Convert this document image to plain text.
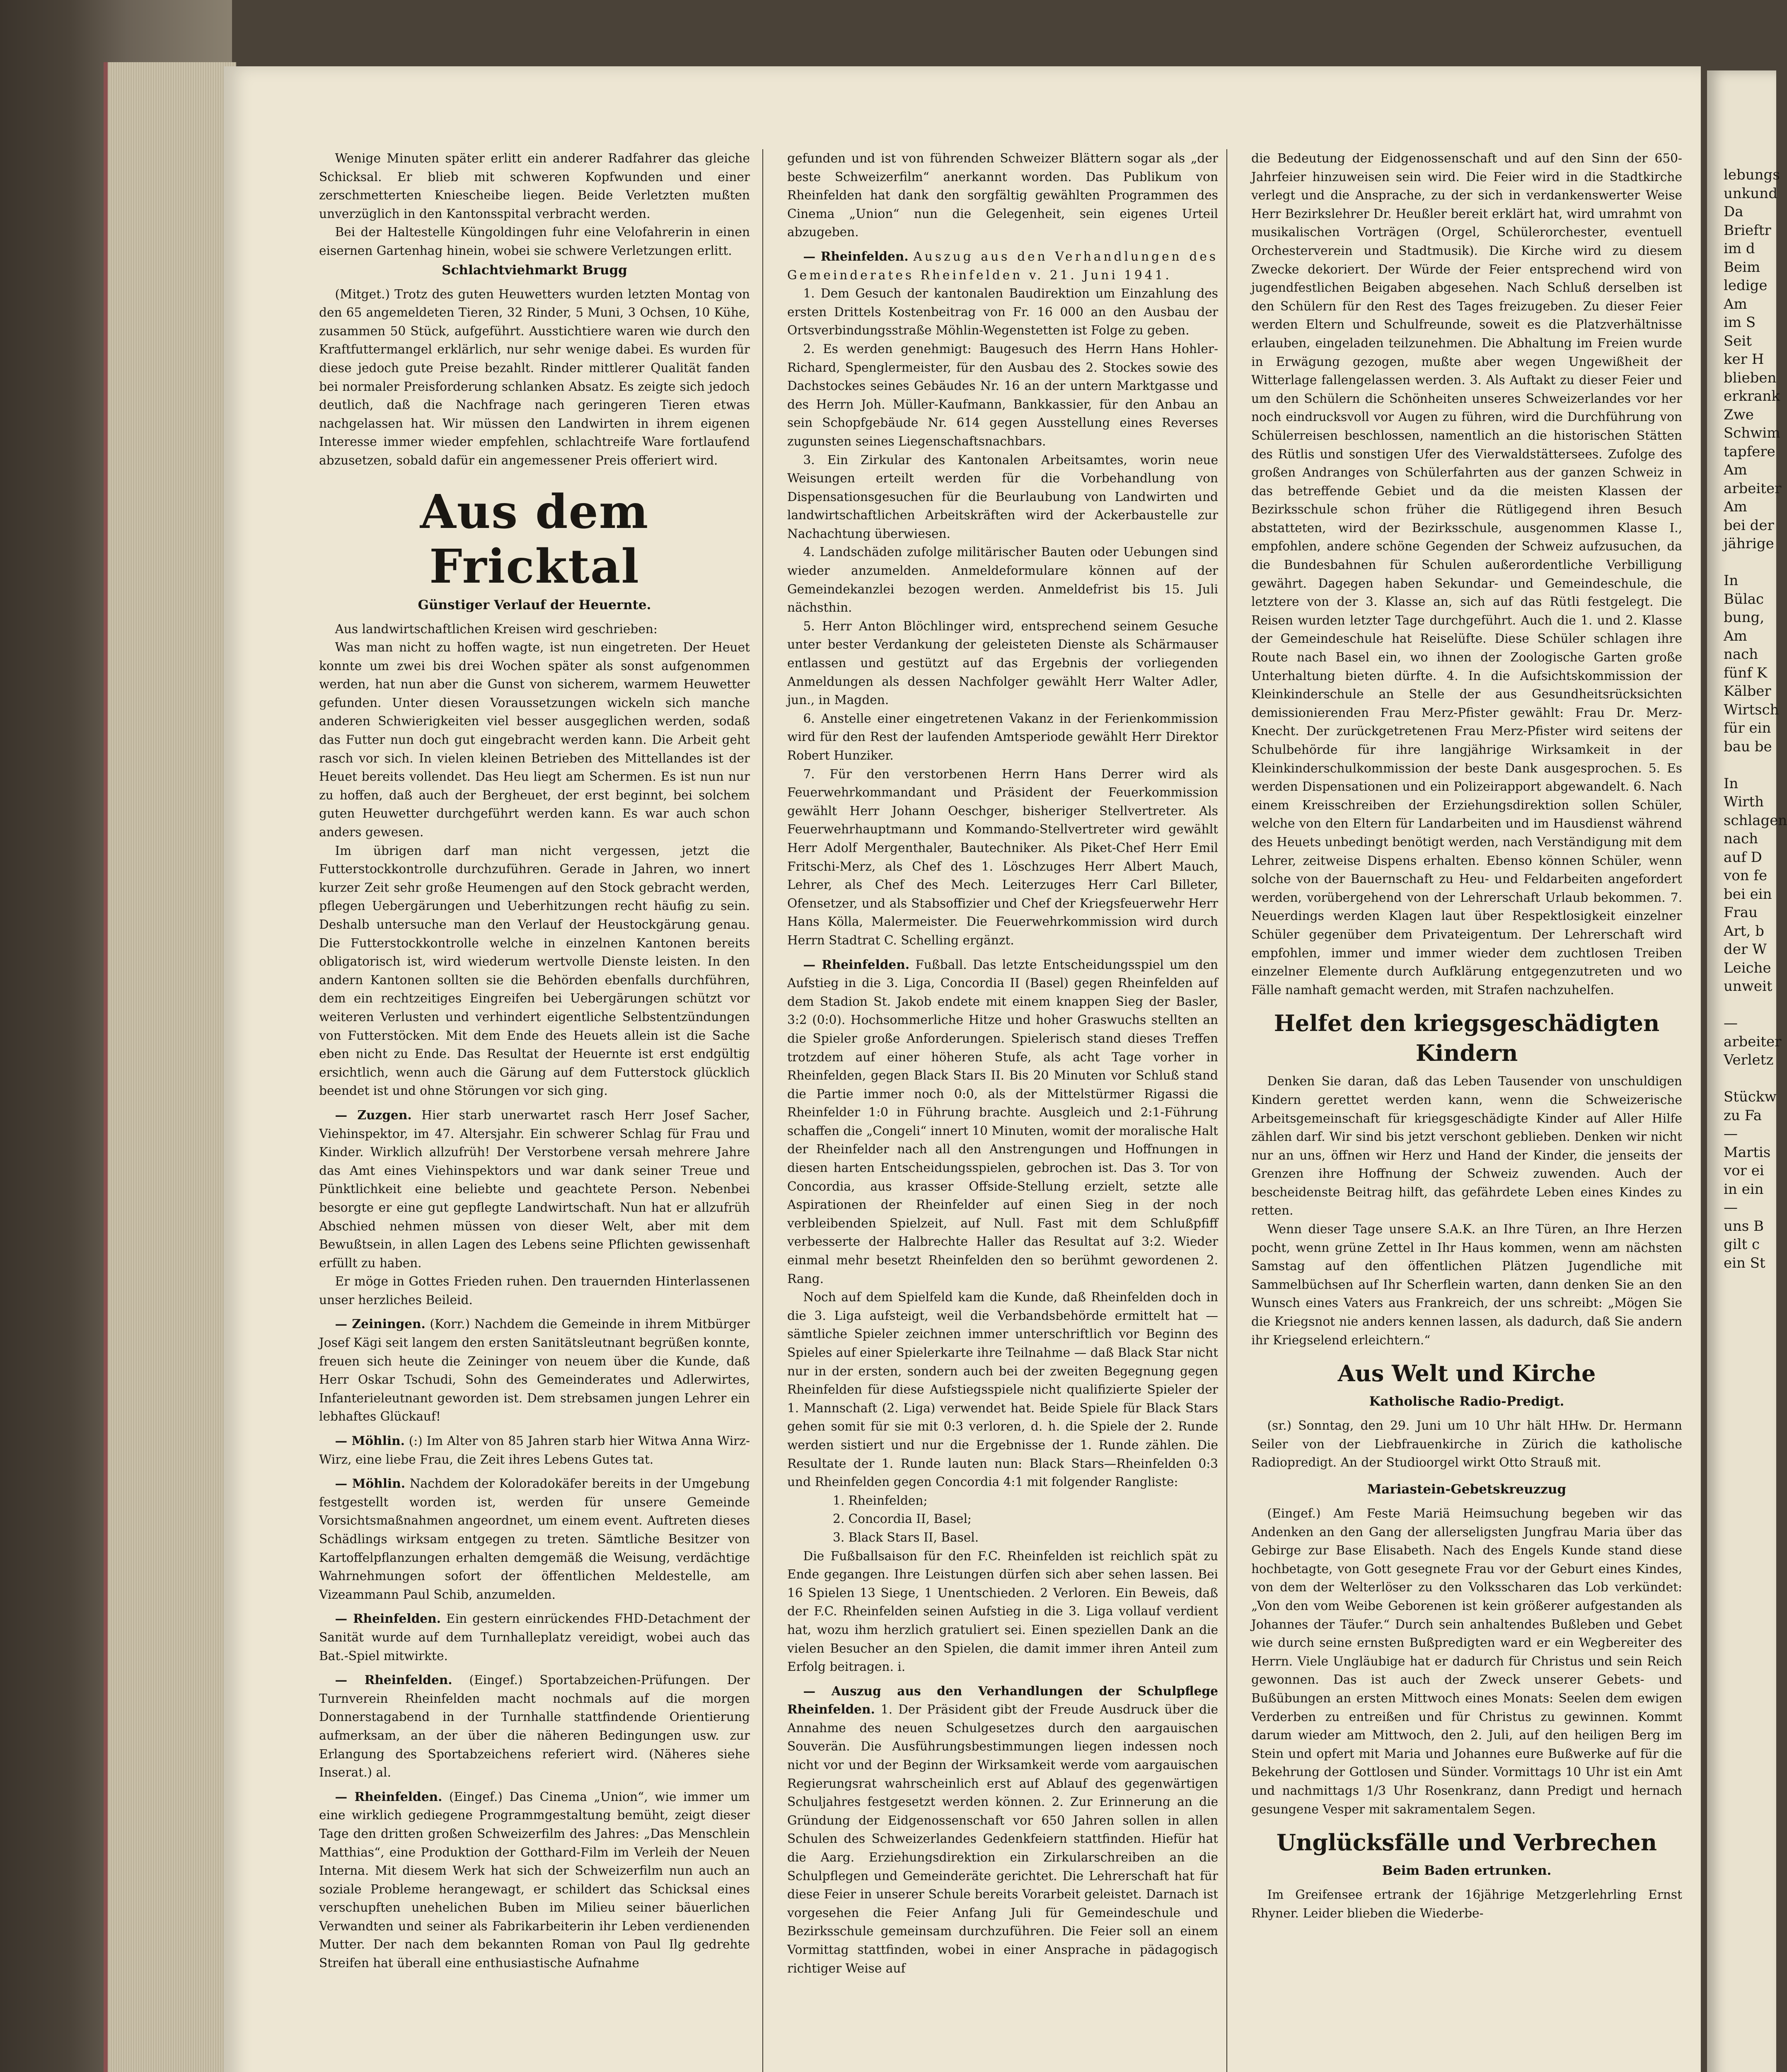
Wenige Minuten später erlitt ein anderer Radfahrer das gleiche Schicksal. Er blieb mit schweren Kopfwunden und einer zerschmetterten Kniescheibe liegen. Beide Verletzten mußten unverzüglich in den Kantonsspital verbracht werden.

Bei der Haltestelle Küngoldingen fuhr eine Velofahrerin in einen eisernen Gartenhag hinein, wobei sie schwere Verletzungen erlitt.

Schlachtviehmarkt Brugg

(Mitget.) Trotz des guten Heuwetters wurden letzten Montag von den 65 angemeldeten Tieren, 32 Rinder, 5 Muni, 3 Ochsen, 10 Kühe, zusammen 50 Stück, aufgeführt. Ausstichtiere waren wie durch den Kraftfuttermangel erklärlich, nur sehr wenige dabei. Es wurden für diese jedoch gute Preise bezahlt. Rinder mittlerer Qualität fanden bei normaler Preisforderung schlanken Absatz. Es zeigte sich jedoch deutlich, daß die Nachfrage nach geringeren Tieren etwas nachgelassen hat. Wir müssen den Landwirten in ihrem eigenen Interesse immer wieder empfehlen, schlachtreife Ware fortlaufend abzusetzen, sobald dafür ein angemessener Preis offeriert wird.

Aus dem Fricktal
Günstiger Verlauf der Heuernte.

Aus landwirtschaftlichen Kreisen wird geschrieben:

Was man nicht zu hoffen wagte, ist nun eingetreten. Der Heuet konnte um zwei bis drei Wochen später als sonst aufgenommen werden, hat nun aber die Gunst von sicherem, warmem Heuwetter gefunden. Unter diesen Voraussetzungen wickeln sich manche anderen Schwierigkeiten viel besser ausgeglichen werden, sodaß das Futter nun doch gut eingebracht werden kann. Die Arbeit geht rasch vor sich. In vielen kleinen Betrieben des Mittellandes ist der Heuet bereits vollendet. Das Heu liegt am Schermen. Es ist nun nur zu hoffen, daß auch der Bergheuet, der erst beginnt, bei solchem guten Heuwetter durchgeführt werden kann. Es war auch schon anders gewesen.

Im übrigen darf man nicht vergessen, jetzt die Futterstockkontrolle durchzuführen. Gerade in Jahren, wo innert kurzer Zeit sehr große Heumengen auf den Stock gebracht werden, pflegen Uebergärungen und Ueberhitzungen recht häufig zu sein. Deshalb untersuche man den Verlauf der Heustockgärung genau. Die Futterstockkontrolle welche in einzelnen Kantonen bereits obligatorisch ist, wird wiederum wertvolle Dienste leisten. In den andern Kantonen sollten sie die Behörden ebenfalls durchführen, dem ein rechtzeitiges Eingreifen bei Uebergärungen schützt vor weiteren Verlusten und verhindert eigentliche Selbstentzündungen von Futterstöcken. Mit dem Ende des Heuets allein ist die Sache eben nicht zu Ende. Das Resultat der Heuernte ist erst endgültig ersichtlich, wenn auch die Gärung auf dem Futterstock glücklich beendet ist und ohne Störungen vor sich ging.

— Zuzgen. Hier starb unerwartet rasch Herr Josef Sacher, Viehinspektor, im 47. Altersjahr. Ein schwerer Schlag für Frau und Kinder. Wirklich allzufrüh! Der Verstorbene versah mehrere Jahre das Amt eines Viehinspektors und war dank seiner Treue und Pünktlichkeit eine beliebte und geachtete Person. Nebenbei besorgte er eine gut gepflegte Landwirtschaft. Nun hat er allzufrüh Abschied nehmen müssen von dieser Welt, aber mit dem Bewußtsein, in allen Lagen des Lebens seine Pflichten gewissenhaft erfüllt zu haben.

Er möge in Gottes Frieden ruhen. Den trauernden Hinterlassenen unser herzliches Beileid.

— Zeiningen. (Korr.) Nachdem die Gemeinde in ihrem Mitbürger Josef Kägi seit langem den ersten Sanitätsleutnant begrüßen konnte, freuen sich heute die Zeininger von neuem über die Kunde, daß Herr Oskar Tschudi, Sohn des Gemeinderates und Adlerwirtes, Infanterieleutnant geworden ist. Dem strebsamen jungen Lehrer ein lebhaftes Glückauf!

— Möhlin. (:) Im Alter von 85 Jahren starb hier Witwa Anna Wirz-Wirz, eine liebe Frau, die Zeit ihres Lebens Gutes tat.

— Möhlin. Nachdem der Koloradokäfer bereits in der Umgebung festgestellt worden ist, werden für unsere Gemeinde Vorsichtsmaßnahmen angeordnet, um einem event. Auftreten dieses Schädlings wirksam entgegen zu treten. Sämtliche Besitzer von Kartoffelpflanzungen erhalten demgemäß die Weisung, verdächtige Wahrnehmungen sofort der öffentlichen Meldestelle, am Vizeammann Paul Schib, anzumelden.

— Rheinfelden. Ein gestern einrückendes FHD-Detachment der Sanität wurde auf dem Turnhalleplatz vereidigt, wobei auch das Bat.-Spiel mitwirkte.

— Rheinfelden. (Eingef.) Sportabzeichen-Prüfungen. Der Turnverein Rheinfelden macht nochmals auf die morgen Donnerstagabend in der Turnhalle stattfindende Orientierung aufmerksam, an der über die näheren Bedingungen usw. zur Erlangung des Sportabzeichens referiert wird. (Näheres siehe Inserat.) al.

— Rheinfelden. (Eingef.) Das Cinema „Union“, wie immer um eine wirklich gediegene Programmgestaltung bemüht, zeigt dieser Tage den dritten großen Schweizerfilm des Jahres: „Das Menschlein Matthias“, eine Produktion der Gotthard-Film im Verleih der Neuen Interna. Mit diesem Werk hat sich der Schweizerfilm nun auch an soziale Probleme herangewagt, er schildert das Schicksal eines verschupften unehelichen Buben im Milieu seiner bäuerlichen Verwandten und seiner als Fabrikarbeiterin ihr Leben verdienenden Mutter. Der nach dem bekannten Roman von Paul Ilg gedrehte Streifen hat überall eine enthusiastische Aufnahme

gefunden und ist von führenden Schweizer Blättern sogar als „der beste Schweizerfilm“ anerkannt worden. Das Publikum von Rheinfelden hat dank den sorgfältig gewählten Programmen des Cinema „Union“ nun die Gelegenheit, sein eigenes Urteil abzugeben.

— Rheinfelden. Auszug aus den Verhandlungen des Gemeinderates Rheinfelden v. 21. Juni 1941.

1. Dem Gesuch der kantonalen Baudirektion um Einzahlung des ersten Drittels Kostenbeitrag von Fr. 16 000 an den Ausbau der Ortsverbindungsstraße Möhlin-Wegenstetten ist Folge zu geben.

2. Es werden genehmigt: Baugesuch des Herrn Hans Hohler-Richard, Spenglermeister, für den Ausbau des 2. Stockes sowie des Dachstockes seines Gebäudes Nr. 16 an der untern Marktgasse und des Herrn Joh. Müller-Kaufmann, Bankkassier, für den Anbau an sein Schopfgebäude Nr. 614 gegen Ausstellung eines Reverses zugunsten seines Liegenschaftsnachbars.

3. Ein Zirkular des Kantonalen Arbeitsamtes, worin neue Weisungen erteilt werden für die Vorbehandlung von Dispensationsgesuchen für die Beurlaubung von Landwirten und landwirtschaftlichen Arbeitskräften wird der Ackerbaustelle zur Nachachtung überwiesen.

4. Landschäden zufolge militärischer Bauten oder Uebungen sind wieder anzumelden. Anmeldeformulare können auf der Gemeindekanzlei bezogen werden. Anmeldefrist bis 15. Juli nächsthin.

5. Herr Anton Blöchlinger wird, entsprechend seinem Gesuche unter bester Verdankung der geleisteten Dienste als Schärmauser entlassen und gestützt auf das Ergebnis der vorliegenden Anmeldungen als dessen Nachfolger gewählt Herr Walter Adler, jun., in Magden.

6. Anstelle einer eingetretenen Vakanz in der Ferienkommission wird für den Rest der laufenden Amtsperiode gewählt Herr Direktor Robert Hunziker.

7. Für den verstorbenen Herrn Hans Derrer wird als Feuerwehrkommandant und Präsident der Feuerkommission gewählt Herr Johann Oeschger, bisheriger Stellvertreter. Als Feuerwehrhauptmann und Kommando-Stellvertreter wird gewählt Herr Adolf Mergenthaler, Bautechniker. Als Piket-Chef Herr Emil Fritschi-Merz, als Chef des 1. Löschzuges Herr Albert Mauch, Lehrer, als Chef des Mech. Leiterzuges Herr Carl Billeter, Ofensetzer, und als Stabsoffizier und Chef der Kriegsfeuerwehr Herr Hans Kölla, Malermeister. Die Feuerwehrkommission wird durch Herrn Stadtrat C. Schelling ergänzt.

— Rheinfelden. Fußball. Das letzte Entscheidungsspiel um den Aufstieg in die 3. Liga, Concordia II (Basel) gegen Rheinfelden auf dem Stadion St. Jakob endete mit einem knappen Sieg der Basler, 3:2 (0:0). Hochsommerliche Hitze und hoher Graswuchs stellten an die Spieler große Anforderungen. Spielerisch stand dieses Treffen trotzdem auf einer höheren Stufe, als acht Tage vorher in Rheinfelden, gegen Black Stars II. Bis 20 Minuten vor Schluß stand die Partie immer noch 0:0, als der Mittelstürmer Rigassi die Rheinfelder 1:0 in Führung brachte. Ausgleich und 2:1-Führung schaffen die „Congeli“ innert 10 Minuten, womit der moralische Halt der Rheinfelder nach all den Anstrengungen und Hoffnungen in diesen harten Entscheidungsspielen, gebrochen ist. Das 3. Tor von Concordia, aus krasser Offside-Stellung erzielt, setzte alle Aspirationen der Rheinfelder auf einen Sieg in der noch verbleibenden Spielzeit, auf Null. Fast mit dem Schlußpfiff verbesserte der Halbrechte Haller das Resultat auf 3:2. Wieder einmal mehr besetzt Rheinfelden den so berühmt gewordenen 2. Rang.

Noch auf dem Spielfeld kam die Kunde, daß Rheinfelden doch in die 3. Liga aufsteigt, weil die Verbandsbehörde ermittelt hat — sämtliche Spieler zeichnen immer unterschriftlich vor Beginn des Spieles auf einer Spielerkarte ihre Teilnahme — daß Black Star nicht nur in der ersten, sondern auch bei der zweiten Begegnung gegen Rheinfelden für diese Aufstiegsspiele nicht qualifizierte Spieler der 1. Mannschaft (2. Liga) verwendet hat. Beide Spiele für Black Stars gehen somit für sie mit 0:3 verloren, d. h. die Spiele der 2. Runde werden sistiert und nur die Ergebnisse der 1. Runde zählen. Die Resultate der 1. Runde lauten nun: Black Stars—Rheinfelden 0:3 und Rheinfelden gegen Concordia 4:1 mit folgender Rangliste:

1. Rheinfelden;
2. Concordia II, Basel;
3. Black Stars II, Basel.

Die Fußballsaison für den F.C. Rheinfelden ist reichlich spät zu Ende gegangen. Ihre Leistungen dürfen sich aber sehen lassen. Bei 16 Spielen 13 Siege, 1 Unentschieden. 2 Verloren. Ein Beweis, daß der F.C. Rheinfelden seinen Aufstieg in die 3. Liga vollauf verdient hat, wozu ihm herzlich gratuliert sei. Einen speziellen Dank an die vielen Besucher an den Spielen, die damit immer ihren Anteil zum Erfolg beitragen. i.

— Auszug aus den Verhandlungen der Schulpflege Rheinfelden. 1. Der Präsident gibt der Freude Ausdruck über die Annahme des neuen Schulgesetzes durch den aargauischen Souverän. Die Ausführungsbestimmungen liegen indessen noch nicht vor und der Beginn der Wirksamkeit werde vom aargauischen Regierungsrat wahrscheinlich erst auf Ablauf des gegenwärtigen Schuljahres festgesetzt werden können. 2. Zur Erinnerung an die Gründung der Eidgenossenschaft vor 650 Jahren sollen in allen Schulen des Schweizerlandes Gedenkfeiern stattfinden. Hiefür hat die Aarg. Erziehungsdirektion ein Zirkularschreiben an die Schulpflegen und Gemeinderäte gerichtet. Die Lehrerschaft hat für diese Feier in unserer Schule bereits Vorarbeit geleistet. Darnach ist vorgesehen die Feier Anfang Juli für Gemeindeschule und Bezirksschule gemeinsam durchzuführen. Die Feier soll an einem Vormittag stattfinden, wobei in einer Ansprache in pädagogisch richtiger Weise auf

die Bedeutung der Eidgenossenschaft und auf den Sinn der 650-Jahrfeier hinzuweisen sein wird. Die Feier wird in die Stadtkirche verlegt und die Ansprache, zu der sich in verdankenswerter Weise Herr Bezirkslehrer Dr. Heußler bereit erklärt hat, wird umrahmt von musikalischen Vorträgen (Orgel, Schülerorchester, eventuell Orchesterverein und Stadtmusik). Die Kirche wird zu diesem Zwecke dekoriert. Der Würde der Feier entsprechend wird von jugendfestlichen Beigaben abgesehen. Nach Schluß derselben ist den Schülern für den Rest des Tages freizugeben. Zu dieser Feier werden Eltern und Schulfreunde, soweit es die Platzverhältnisse erlauben, eingeladen teilzunehmen. Die Abhaltung im Freien wurde in Erwägung gezogen, mußte aber wegen Ungewißheit der Witterlage fallengelassen werden. 3. Als Auftakt zu dieser Feier und um den Schülern die Schönheiten unseres Schweizerlandes vor her noch eindrucksvoll vor Augen zu führen, wird die Durchführung von Schülerreisen beschlossen, namentlich an die historischen Stätten des Rütlis und sonstigen Ufer des Vierwaldstättersees. Zufolge des großen Andranges von Schülerfahrten aus der ganzen Schweiz in das betreffende Gebiet und da die meisten Klassen der Bezirksschule schon früher die Rütligegend ihren Besuch abstatteten, wird der Bezirksschule, ausgenommen Klasse I., empfohlen, andere schöne Gegenden der Schweiz aufzusuchen, da die Bundesbahnen für Schulen außerordentliche Verbilligung gewährt. Dagegen haben Sekundar- und Gemeindeschule, die letztere von der 3. Klasse an, sich auf das Rütli festgelegt. Die Reisen wurden letzter Tage durchgeführt. Auch die 1. und 2. Klasse der Gemeindeschule hat Reiselüfte. Diese Schüler schlagen ihre Route nach Basel ein, wo ihnen der Zoologische Garten große Unterhaltung bieten dürfte. 4. In die Aufsichtskommission der Kleinkinderschule an Stelle der aus Gesundheitsrücksichten demissionierenden Frau Merz-Pfister gewählt: Frau Dr. Merz-Knecht. Der zurückgetretenen Frau Merz-Pfister wird seitens der Schulbehörde für ihre langjährige Wirksamkeit in der Kleinkinderschulkommission der beste Dank ausgesprochen. 5. Es werden Dispensationen und ein Polizeirapport abgewandelt. 6. Nach einem Kreisschreiben der Erziehungsdirektion sollen Schüler, welche von den Eltern für Landarbeiten und im Hausdienst während des Heuets unbedingt benötigt werden, nach Verständigung mit dem Lehrer, zeitweise Dispens erhalten. Ebenso können Schüler, wenn solche von der Bauernschaft zu Heu- und Feldarbeiten angefordert werden, vorübergehend von der Lehrerschaft Urlaub bekommen. 7. Neuerdings werden Klagen laut über Respektlosigkeit einzelner Schüler gegenüber dem Privateigentum. Der Lehrerschaft wird empfohlen, immer und immer wieder dem zuchtlosen Treiben einzelner Elemente durch Aufklärung entgegenzutreten und wo Fälle namhaft gemacht werden, mit Strafen nachzuhelfen.

Helfet den kriegsgeschädigten Kindern

Denken Sie daran, daß das Leben Tausender von unschuldigen Kindern gerettet werden kann, wenn die Schweizerische Arbeitsgemeinschaft für kriegsgeschädigte Kinder auf Aller Hilfe zählen darf. Wir sind bis jetzt verschont geblieben. Denken wir nicht nur an uns, öffnen wir Herz und Hand der Kinder, die jenseits der Grenzen ihre Hoffnung der Schweiz zuwenden. Auch der bescheidenste Beitrag hilft, das gefährdete Leben eines Kindes zu retten.

Wenn dieser Tage unsere S.A.K. an Ihre Türen, an Ihre Herzen pocht, wenn grüne Zettel in Ihr Haus kommen, wenn am nächsten Samstag auf den öffentlichen Plätzen Jugendliche mit Sammelbüchsen auf Ihr Scherflein warten, dann denken Sie an den Wunsch eines Vaters aus Frankreich, der uns schreibt: „Mögen Sie die Kriegsnot nie anders kennen lassen, als dadurch, daß Sie andern ihr Kriegselend erleichtern.“

Aus Welt und Kirche
Katholische Radio-Predigt.

(sr.) Sonntag, den 29. Juni um 10 Uhr hält HHw. Dr. Hermann Seiler von der Liebfrauenkirche in Zürich die katholische Radiopredigt. An der Studioorgel wirkt Otto Strauß mit.

Mariastein-Gebetskreuzzug

(Eingef.) Am Feste Mariä Heimsuchung begeben wir das Andenken an den Gang der allerseligsten Jungfrau Maria über das Gebirge zur Base Elisabeth. Nach des Engels Kunde stand diese hochbetagte, von Gott gesegnete Frau vor der Geburt eines Kindes, von dem der Welterlöser zu den Volksscharen das Lob verkündet: „Von den vom Weibe Geborenen ist kein größerer aufgestanden als Johannes der Täufer.“ Durch sein anhaltendes Bußleben und Gebet wie durch seine ernsten Bußpredigten ward er ein Wegbereiter des Herrn. Viele Ungläubige hat er dadurch für Christus und sein Reich gewonnen. Das ist auch der Zweck unserer Gebets- und Bußübungen an ersten Mittwoch eines Monats: Seelen dem ewigen Verderben zu entreißen und für Christus zu gewinnen. Kommt darum wieder am Mittwoch, den 2. Juli, auf den heiligen Berg im Stein und opfert mit Maria und Johannes eure Bußwerke auf für die Bekehrung der Gottlosen und Sünder. Vormittags 10 Uhr ist ein Amt und nachmittags 1/3 Uhr Rosenkranz, dann Predigt und hernach gesungene Vesper mit sakramentalem Segen.

Unglücksfälle und Verbrechen
Beim Baden ertrunken.

Im Greifensee ertrank der 16jährige Metzgerlehrling Ernst Rhyner. Leider blieben die Wiederbe-

lebungs
unkund
Da
Brieftr
im d
Beim
ledige
Am
im S
Seit
ker H
blieben
erkrank
Zwe
Schwim
tapfere
Am
arbeiter
Am
bei der
jährige

In
Bülac
bung,
Am
nach
fünf K
Kälber
Wirtsch
für ein
bau be

In
Wirth
schlagen
nach
auf D
von fe
bei ein
Frau
Art, b
der W
Leiche
unweit

—
arbeiter
Verletz

Stückw
zu Fa
—
Martis
vor ei
in ein
—
uns B
gilt c
ein St
